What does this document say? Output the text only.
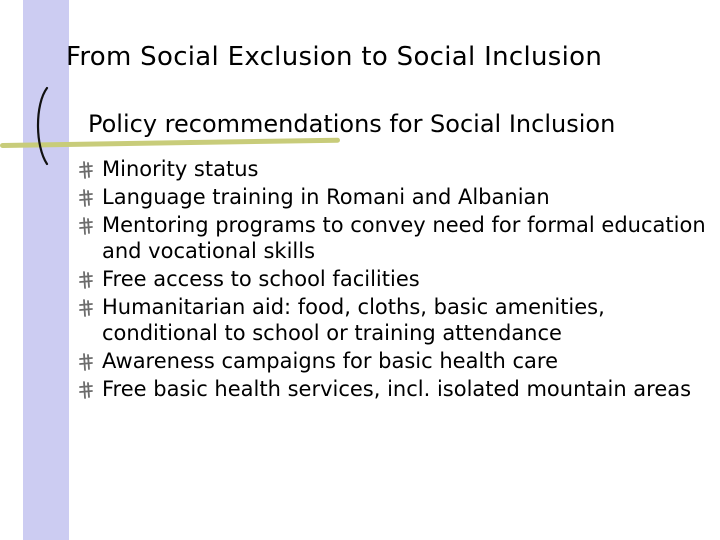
From Social Exclusion to Social Inclusion
Policy recommendations for Social Inclusion
Minority status
Language training in Romani and Albanian
Mentoring programs to convey need for formal education and vocational skills
Free access to school facilities
Humanitarian aid: food, cloths, basic amenities, conditional to school or training attendance
Awareness campaigns for basic health care
Free basic health services, incl. isolated mountain areas
